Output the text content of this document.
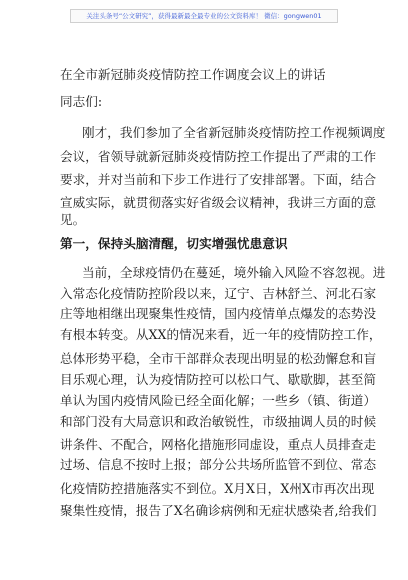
关注头条号“公文研究”，获得最新最全最专业的公文资料库！ 微信：gongwen01
在全市新冠肺炎疫情防控工作调度会议上的讲话
同志们:
刚才，我们参加了全省新冠肺炎疫情防控工作视频调度
会议，省领导就新冠肺炎疫情防控工作提出了严肃的工作
要求，并对当前和下步工作进行了安排部署。下面，结合
宣威实际，就贯彻落实好省级会议精神，我讲三方面的意
见。
第一，保持头脑清醒，切实增强忧患意识
当前，全球疫情仍在蔓延，境外输入风险不容忽视。进
入常态化疫情防控阶段以来，辽宁、吉林舒兰、河北石家
庄等地相继出现聚集性疫情，国内疫情单点爆发的态势没
有根本转变。从XX的情况来看，近一年的疫情防控工作，
总体形势平稳，全市干部群众表现出明显的松劲懈怠和盲
目乐观心理，认为疫情防控可以松口气、歇歇脚，甚至简
单认为国内疫情风险已经全面化解；一些乡（镇、街道）
和部门没有大局意识和政治敏锐性，市级抽调人员的时候
讲条件、不配合，网格化措施形同虚设，重点人员排查走
过场、信息不按时上报；部分公共场所监管不到位、常态
化疫情防控措施落实不到位。X月X日，X州X市再次出现
聚集性疫情，报告了X名确诊病例和无症状感染者,给我们
